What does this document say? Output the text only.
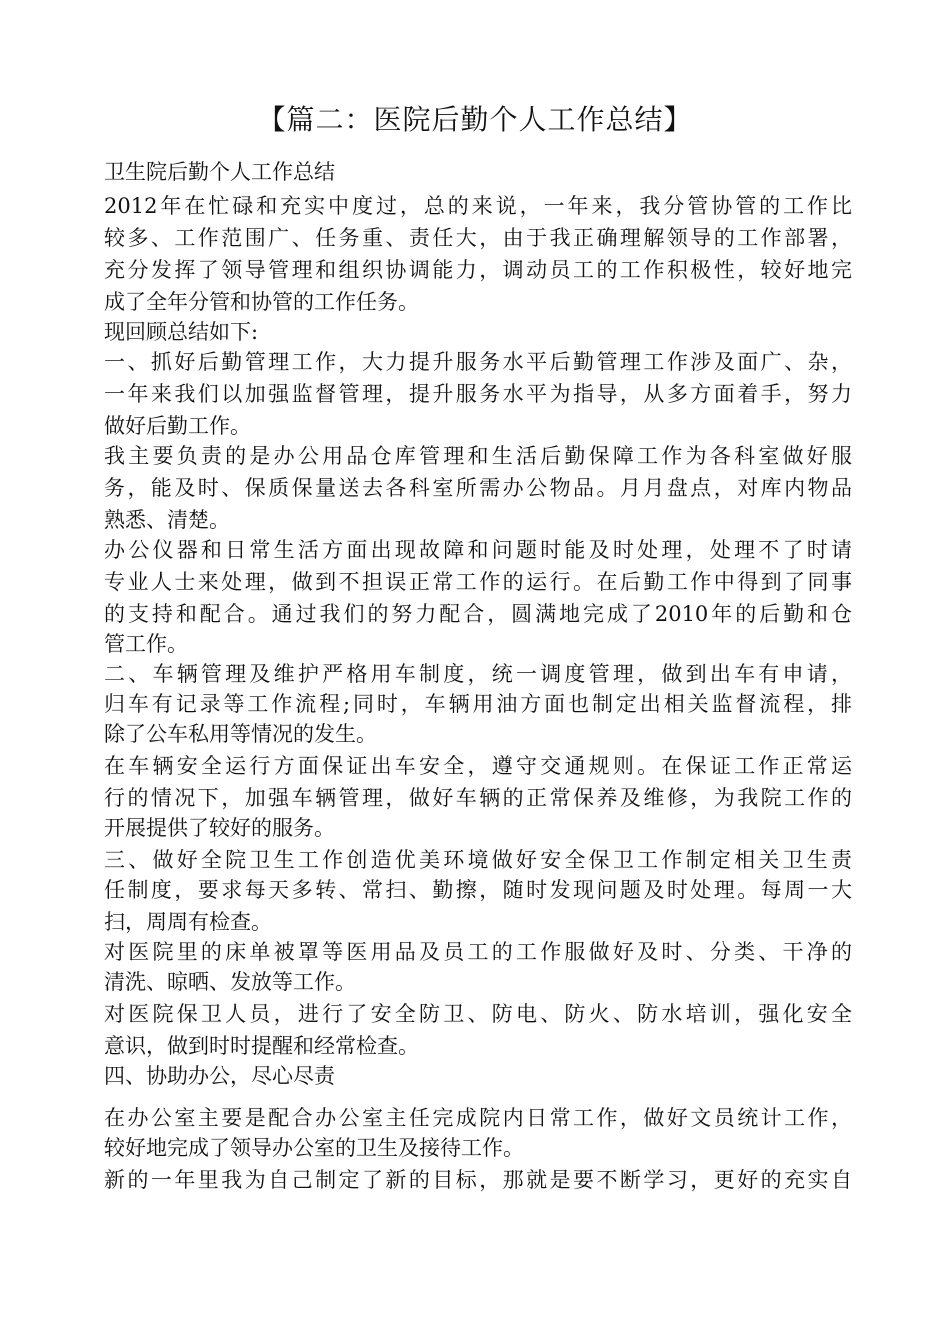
【篇二：医院后勤个人工作总结】
卫生院后勤个人工作总结
2012年在忙碌和充实中度过，总的来说，一年来，我分管协管的工作比
较多、工作范围广、任务重、责任大，由于我正确理解领导的工作部署，
充分发挥了领导管理和组织协调能力，调动员工的工作积极性，较好地完
成了全年分管和协管的工作任务。
现回顾总结如下:
一、抓好后勤管理工作，大力提升服务水平后勤管理工作涉及面广、杂，
一年来我们以加强监督管理，提升服务水平为指导，从多方面着手，努力
做好后勤工作。
我主要负责的是办公用品仓库管理和生活后勤保障工作为各科室做好服
务，能及时、保质保量送去各科室所需办公物品。月月盘点，对库内物品
熟悉、清楚。
办公仪器和日常生活方面出现故障和问题时能及时处理，处理不了时请
专业人士来处理，做到不担误正常工作的运行。在后勤工作中得到了同事
的支持和配合。通过我们的努力配合，圆满地完成了2010年的后勤和仓
管工作。
二、车辆管理及维护严格用车制度，统一调度管理，做到出车有申请，
归车有记录等工作流程;同时，车辆用油方面也制定出相关监督流程，排
除了公车私用等情况的发生。
在车辆安全运行方面保证出车安全，遵守交通规则。在保证工作正常运
行的情况下，加强车辆管理，做好车辆的正常保养及维修，为我院工作的
开展提供了较好的服务。
三、做好全院卫生工作创造优美环境做好安全保卫工作制定相关卫生责
任制度，要求每天多转、常扫、勤擦，随时发现问题及时处理。每周一大
扫，周周有检查。
对医院里的床单被罩等医用品及员工的工作服做好及时、分类、干净的
清洗、晾晒、发放等工作。
对医院保卫人员，进行了安全防卫、防电、防火、防水培训，强化安全
意识，做到时时提醒和经常检查。
四、协助办公，尽心尽责
在办公室主要是配合办公室主任完成院内日常工作，做好文员统计工作，
较好地完成了领导办公室的卫生及接待工作。
新的一年里我为自己制定了新的目标，那就是要不断学习，更好的充实自
